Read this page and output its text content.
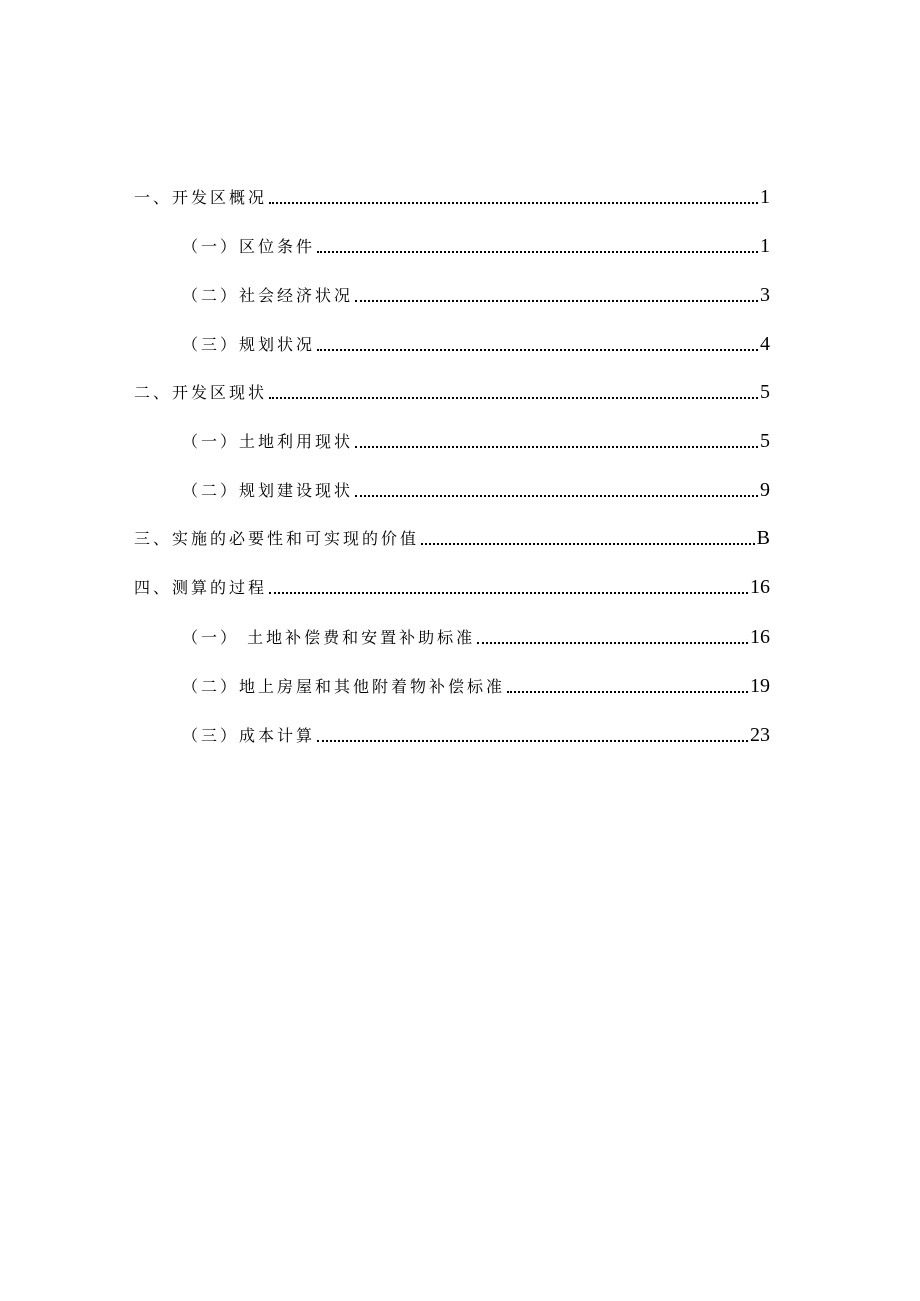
一、开发区概况	1
（一）区位条件	1
（二）社会经济状况	3
（三）规划状况	4
二、开发区现状	5
（一）土地利用现状	5
（二）规划建设现状	9
三、实施的必要性和可实现的价值	B
四、测算的过程	16
（一） 土地补偿费和安置补助标准	16
（二）地上房屋和其他附着物补偿标准	19
（三）成本计算	23
